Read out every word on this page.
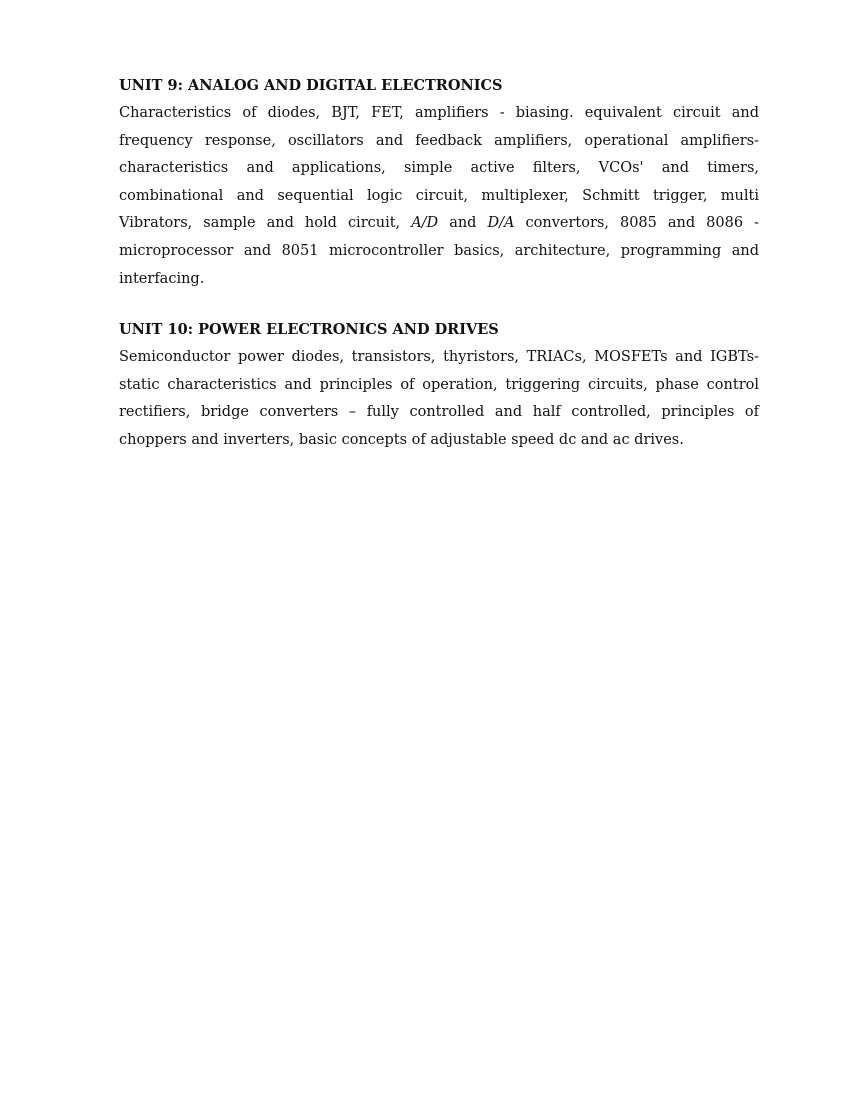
UNIT 9: ANALOG AND DIGITAL ELECTRONICS

Characteristics of diodes, BJT, FET, amplifiers - biasing. equivalent circuit and frequency response, oscillators and feedback amplifiers, operational amplifiers-characteristics and applications, simple active filters, VCOs' and timers, combinational and sequential logic circuit, multiplexer, Schmitt trigger, multi Vibrators, sample and hold circuit, A/D and D/A convertors, 8085 and 8086 - microprocessor and 8051 microcontroller basics, architecture, programming and interfacing.

UNIT 10: POWER ELECTRONICS AND DRIVES

Semiconductor power diodes, transistors, thyristors, TRIACs, MOSFETs and IGBTs-static characteristics and principles of operation, triggering circuits, phase control rectifiers, bridge converters – fully controlled and half controlled, principles of choppers and inverters, basic concepts of adjustable speed dc and ac drives.
